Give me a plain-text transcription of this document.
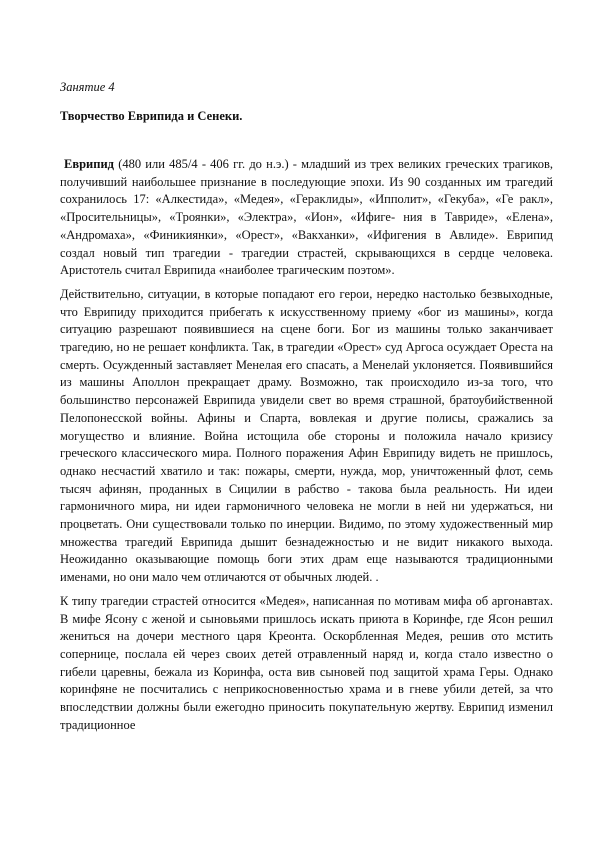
Занятие 4
Творчество Еврипида и Сенеки.

Еврипид (480 или 485/4 - 406 гг. до н.э.) - младший из трех великих греческих трагиков, получивший наибольшее признание в последующие эпохи. Из 90 созданных им трагедий сохранилось 17: «Алкестида», «Медея», «Гераклиды», «Ипполит», «Гекуба», «Ге ракл», «Просительницы», «Троянки», «Электра», «Ион», «Ифиге- ния в Тавриде», «Елена», «Андромаха», «Финикиянки», «Орест», «Вакханки», «Ифигения в Авлиде». Еврипид создал новый тип трагедии - трагедии страстей, скрывающихся в сердце человека. Аристотель считал Еврипида «наиболее трагическим поэтом».

Действительно, ситуации, в которые попадают его герои, нередко настолько безвыходные, что Еврипиду приходится прибегать к искусственному приему «бог из машины», когда ситуацию разрешают появившиеся на сцене боги. Бог из машины только заканчивает трагедию, но не решает конфликта. Так, в трагедии «Орест» суд Аргоса осуждает Ореста на смерть. Осужденный заставляет Менелая его спасать, а Менелай уклоняется. Появившийся из машины Аполлон прекращает драму. Возможно, так происходило из-за того, что большинство персонажей Еврипида увидели свет во время страшной, братоубийственной Пелопонесской войны. Афины и Спарта, вовлекая и другие полисы, сражались за могущество и влияние. Война истощила обе стороны и положила начало кризису греческого классического мира. Полного поражения Афин Еврипиду видеть не пришлось, однако несчастий хватило и так: пожары, смерти, нужда, мор, уничтоженный флот, семь тысяч афинян, проданных в Сицилии в рабство - такова была реальность. Ни идеи гармоничного мира, ни идеи гармоничного человека не могли в ней ни удержаться, ни процветать. Они существовали только по инерции. Видимо, по этому художественный мир множества трагедий Еврипида дышит безнадежностью и не видит никакого выхода. Неожиданно оказывающие помощь боги этих драм еще называются традиционными именами, но они мало чем отличаются от обычных людей. .

К типу трагедии страстей относится «Медея», написанная по мотивам мифа об аргонавтах. В мифе Ясону с женой и сыновьями пришлось искать приюта в Коринфе, где Ясон решил жениться на дочери местного царя Креонта. Оскорбленная Медея, решив ото мстить сопернице, послала ей через своих детей отравленный наряд и, когда стало известно о гибели царевны, бежала из Коринфа, оста вив сыновей под защитой храма Геры. Однако коринфяне не посчитались с неприкосновенностью храма и в гневе убили детей, за что впоследствии должны были ежегодно приносить покупательную жертву. Еврипид изменил традиционное
